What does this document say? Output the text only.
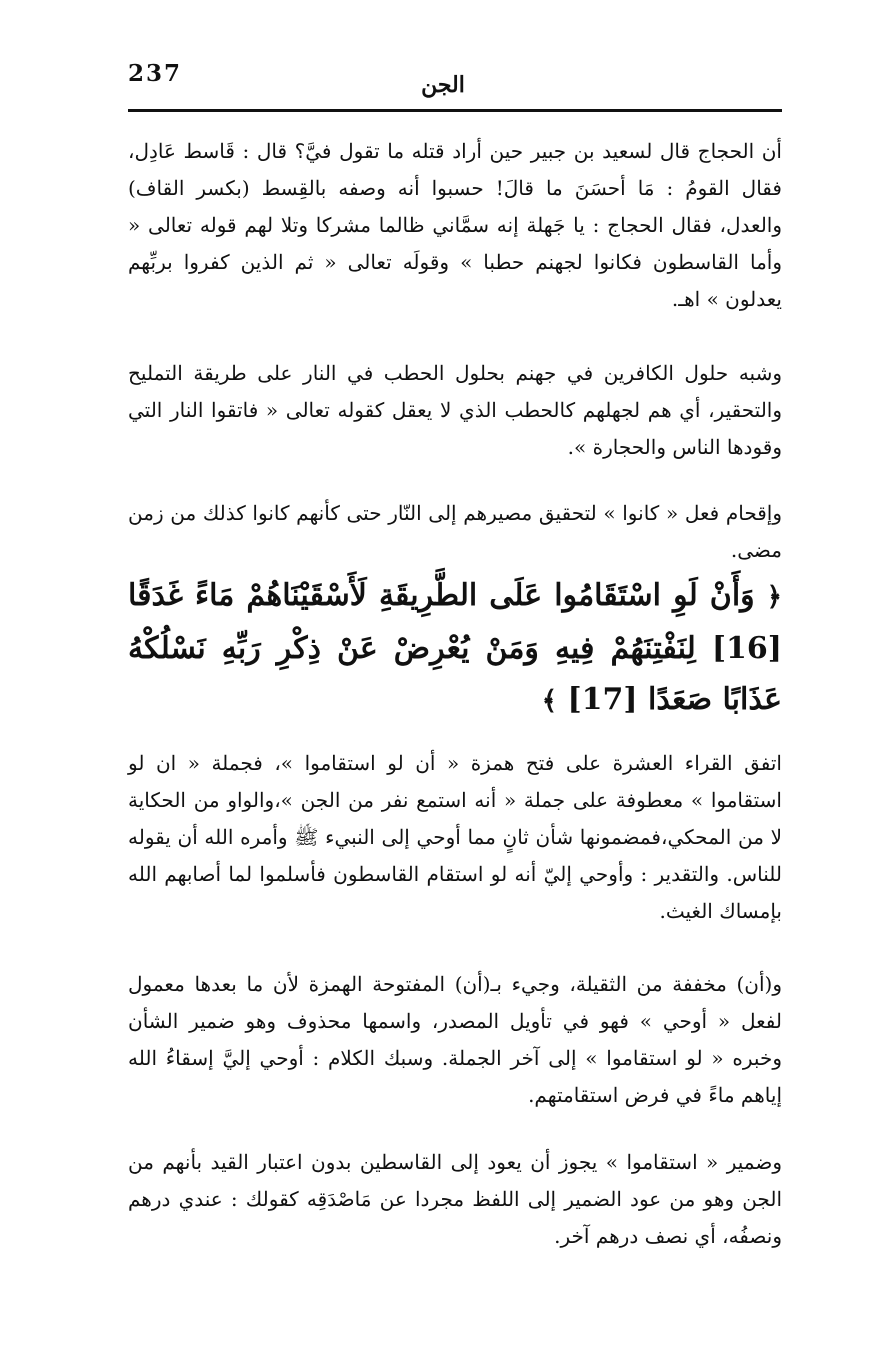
237	الجن

أن الحجاج قال لسعيد بن جبير حين أراد قتله ما تقول فيَّ؟ قال : قَاسط عَادِل، فقال القومُ : مَا أحسَنَ ما قالَ! حسبوا أنه وصفه بالقِسط (بكسر القاف) والعدل، فقال الحجاج : يا جَهلة إنه سمَّاني ظالما مشركا وتلا لهم قوله تعالى « وأما القاسطون فكانوا لجهنم حطبا » وقولَه تعالى « ثم الذين كفروا بربِّهم يعدلون » اهـ.

وشبه حلول الكافرين في جهنم بحلول الحطب في النار على طريقة التمليح والتحقير، أي هم لجهلهم كالحطب الذي لا يعقل كقوله تعالى « فاتقوا النار التي وقودها الناس والحجارة ».

وإقحام فعل « كانوا » لتحقيق مصيرهم إلى النّار حتى كأنهم كانوا كذلك من زمن مضى.

﴿ وَأَنْ لَوِ اسْتَقَامُوا عَلَى الطَّرِيقَةِ لَأَسْقَيْنَاهُمْ مَاءً غَدَقًا [16] لِنَفْتِنَهُمْ فِيهِ وَمَنْ يُعْرِضْ عَنْ ذِكْرِ رَبِّهِ نَسْلُكْهُ عَذَابًا صَعَدًا [17] ﴾

اتفق القراء العشرة على فتح همزة « أن لو استقاموا »، فجملة « ان لو استقاموا » معطوفة على جملة « أنه استمع نفر من الجن »،والواو من الحكاية لا من المحكي،فمضمونها شأن ثانٍ مما أوحي إلى النبيء ﷺ وأمره الله أن يقوله للناس. والتقدير : وأوحي إليّ أنه لو استقام القاسطون فأسلموا لما أصابهم الله بإمساك الغيث.

و(أن) مخففة من الثقيلة، وجيء بـ(أن) المفتوحة الهمزة لأن ما بعدها معمول لفعل « أوحي » فهو في تأويل المصدر، واسمها محذوف وهو ضمير الشأن وخبره « لو استقاموا » إلى آخر الجملة. وسبك الكلام : أوحي إليَّ إسقاءُ الله إياهم ماءً في فرض استقامتهم.

وضمير « استقاموا » يجوز أن يعود إلى القاسطين بدون اعتبار القيد بأنهم من الجن وهو من عود الضمير إلى اللفظ مجردا عن مَاصْدَقِه كقولك : عندي درهم ونصفُه، أي نصف درهم آخر.
